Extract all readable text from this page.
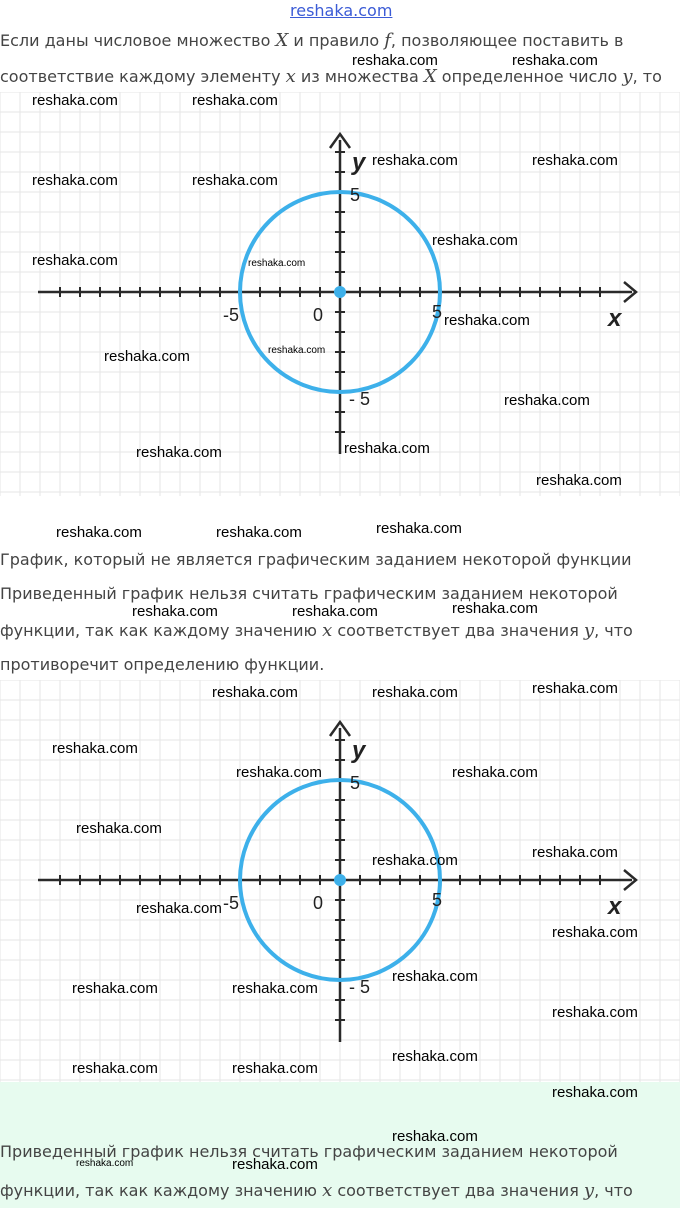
reshaka.com

Если даны числовое множество X и правило f, позволяющее поставить в

соответствие каждому элементу x из множества X определенное число y, то

y
x
0
-5	5
5
- 5

График, который не является графическим заданием некоторой функции

Приведенный график нельзя считать графическим заданием некоторой

функции, так как каждому значению x соответствует два значения y, что

противоречит определению функции.

y
x
0
-5	5
5
- 5

Приведенный график нельзя считать графическим заданием некоторой

функции, так как каждому значению x соответствует два значения y, что

reshaka.com	reshaka.com
reshaka.com	reshaka.com
reshaka.com	reshaka.com
reshaka.com	reshaka.com
reshaka.com
reshaka.com	reshaka.com
reshaka.com
reshaka.com	reshaka.com
reshaka.com
reshaka.com	reshaka.com
reshaka.com
reshaka.com	reshaka.com	reshaka.com
reshaka.com	reshaka.com	reshaka.com
reshaka.com	reshaka.com	reshaka.com
reshaka.com
reshaka.com	reshaka.com
reshaka.com
reshaka.com	reshaka.com
reshaka.com
reshaka.com
reshaka.com
reshaka.com	reshaka.com
reshaka.com
reshaka.com	reshaka.com
reshaka.com
reshaka.com
reshaka.com
reshaka.com	reshaka.com
